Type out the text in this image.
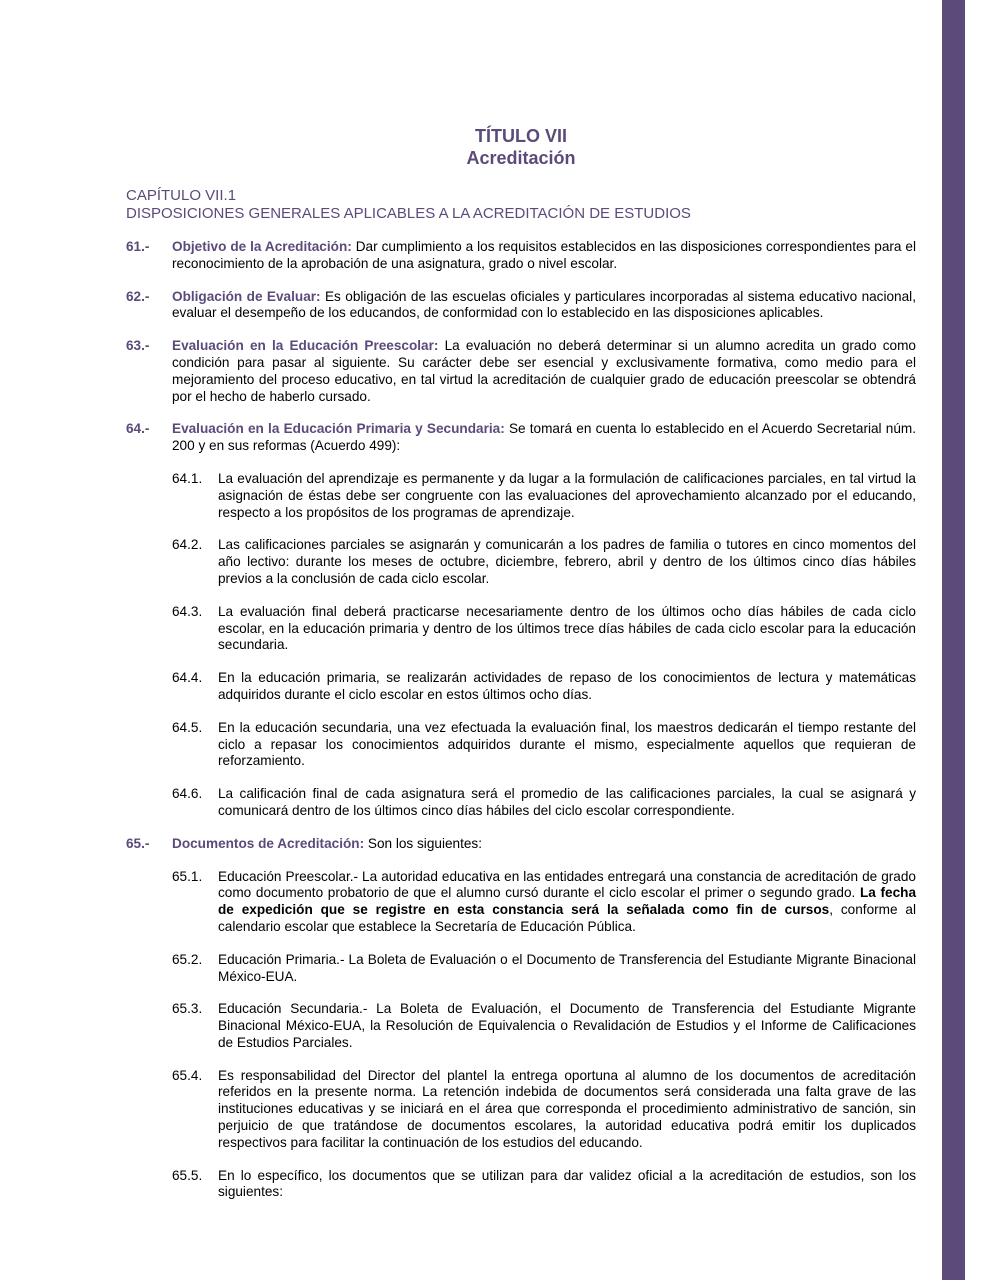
TÍTULO VII
Acreditación
CAPÍTULO VII.1
DISPOSICIONES GENERALES APLICABLES A LA ACREDITACIÓN DE ESTUDIOS
61.-	Objetivo de la Acreditación: Dar cumplimiento a los requisitos establecidos en las disposiciones correspondientes para el reconocimiento de la aprobación de una asignatura, grado o nivel escolar.
62.-	Obligación de Evaluar: Es obligación de las escuelas oficiales y particulares incorporadas al sistema educativo nacional, evaluar el desempeño de los educandos, de conformidad con lo establecido en las disposiciones aplicables.
63.-	Evaluación en la Educación Preescolar: La evaluación no deberá determinar si un alumno acredita un grado como condición para pasar al siguiente. Su carácter debe ser esencial y exclusivamente formativa, como medio para el mejoramiento del proceso educativo, en tal virtud la acreditación de cualquier grado de educación preescolar se obtendrá por el hecho de haberlo cursado.
64.-	Evaluación en la Educación Primaria y Secundaria: Se tomará en cuenta lo establecido en el Acuerdo Secretarial núm. 200 y en sus reformas (Acuerdo 499):
64.1.	La evaluación del aprendizaje es permanente y da lugar a la formulación de calificaciones parciales, en tal virtud la asignación de éstas debe ser congruente con las evaluaciones del aprovechamiento alcanzado por el educando, respecto a los propósitos de los programas de aprendizaje.
64.2.	Las calificaciones parciales se asignarán y comunicarán a los padres de familia o tutores en cinco momentos del año lectivo: durante los meses de octubre, diciembre, febrero, abril y dentro de los últimos cinco días hábiles previos a la conclusión de cada ciclo escolar.
64.3.	La evaluación final deberá practicarse necesariamente dentro de los últimos ocho días hábiles de cada ciclo escolar, en la educación primaria y dentro de los últimos trece días hábiles de cada ciclo escolar para la educación secundaria.
64.4.	En la educación primaria, se realizarán actividades de repaso de los conocimientos de lectura y matemáticas adquiridos durante el ciclo escolar en estos últimos ocho días.
64.5.	En la educación secundaria, una vez efectuada la evaluación final, los maestros dedicarán el tiempo restante del ciclo a repasar los conocimientos adquiridos durante el mismo, especialmente aquellos que requieran de reforzamiento.
64.6.	La calificación final de cada asignatura será el promedio de las calificaciones parciales, la cual se asignará y comunicará dentro de los últimos cinco días hábiles del ciclo escolar correspondiente.
65.-	Documentos de Acreditación: Son los siguientes:
65.1.	Educación Preescolar.- La autoridad educativa en las entidades entregará una constancia de acreditación de grado como documento probatorio de que el alumno cursó durante el ciclo escolar el primer o segundo grado. La fecha de expedición que se registre en esta constancia será la señalada como fin de cursos, conforme al calendario escolar que establece la Secretaría de Educación Pública.
65.2.	Educación Primaria.- La Boleta de Evaluación o el Documento de Transferencia del Estudiante Migrante Binacional México-EUA.
65.3.	Educación Secundaria.- La Boleta de Evaluación, el Documento de Transferencia del Estudiante Migrante Binacional México-EUA, la Resolución de Equivalencia o Revalidación de Estudios y el Informe de Calificaciones de Estudios Parciales.
65.4.	Es responsabilidad del Director del plantel la entrega oportuna al alumno de los documentos de acreditación referidos en la presente norma. La retención indebida de documentos será considerada una falta grave de las instituciones educativas y se iniciará en el área que corresponda el procedimiento administrativo de sanción, sin perjuicio de que tratándose de documentos escolares, la autoridad educativa podrá emitir los duplicados respectivos para facilitar la continuación de los estudios del educando.
65.5.	En lo específico, los documentos que se utilizan para dar validez oficial a la acreditación de estudios, son los siguientes:
